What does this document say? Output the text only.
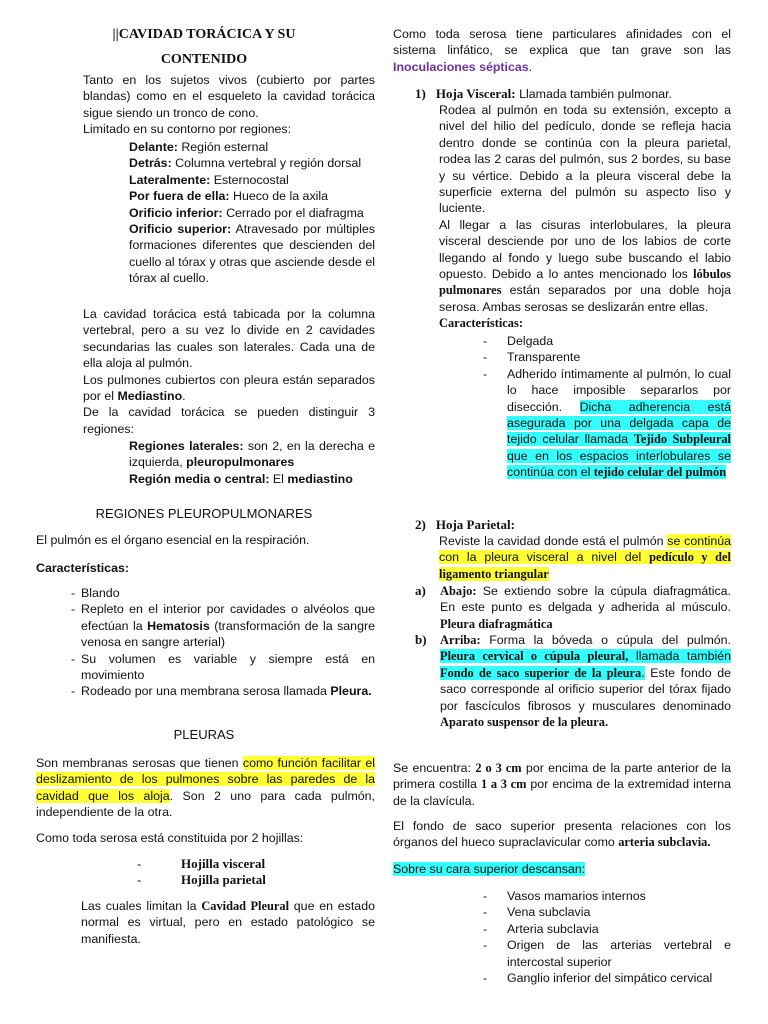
||CAVIDAD TORÁCICA Y SU

CONTENIDO

Tanto en los sujetos vivos (cubierto por partes blandas) como en el esqueleto la cavidad torácica sigue siendo un tronco de cono.

Limitado en su contorno por regiones:

Delante: Región esternal

Detrás: Columna vertebral y región dorsal

Lateralmente: Esternocostal

Por fuera de ella: Hueco de la axila

Orificio inferior: Cerrado por el diafragma

Orificio superior: Atravesado por múltiples formaciones diferentes que descienden del cuello al tórax y otras que asciende desde el tórax al cuello.

La cavidad torácica está tabicada por la columna vertebral, pero a su vez lo divide en 2 cavidades secundarias las cuales son laterales. Cada una de ella aloja al pulmón.

Los pulmones cubiertos con pleura están separados por el Mediastino.

De la cavidad torácica se pueden distinguir 3 regiones:

Regiones laterales: son 2, en la derecha e izquierda, pleuropulmonares

Región media o central: El mediastino

REGIONES PLEUROPULMONARES

El pulmón es el órgano esencial en la respiración.

Características:

- Blando
- Repleto en el interior por cavidades o alvéolos que efectúan la Hematosis (transformación de la sangre venosa en sangre arterial)
- Su volumen es variable y siempre está en movimiento
- Rodeado por una membrana serosa llamada Pleura.

PLEURAS

Son membranas serosas que tienen como función facilitar el deslizamiento de los pulmones sobre las paredes de la cavidad que los aloja. Son 2 uno para cada pulmón, independiente de la otra.

Como toda serosa está constituida por 2 hojillas:

-	Hojilla visceral
-	Hojilla parietal

Las cuales limitan la Cavidad Pleural que en estado normal es virtual, pero en estado patológico se manifiesta.

Como toda serosa tiene particulares afinidades con el sistema linfático, se explica que tan grave son las Inoculaciones sépticas.

1) Hoja Visceral: Llamada también pulmonar.

Rodea al pulmón en toda su extensión, excepto a nivel del hilio del pedículo, donde se refleja hacia dentro donde se continúa con la pleura parietal, rodea las 2 caras del pulmón, sus 2 bordes, su base y su vértice. Debido a la pleura visceral debe la superficie externa del pulmón su aspecto liso y luciente.

Al llegar a las cisuras interlobulares, la pleura visceral desciende por uno de los labios de corte llegando al fondo y luego sube buscando el labio opuesto. Debido a lo antes mencionado los lóbulos pulmonares están separados por una doble hoja serosa. Ambas serosas se deslizarán entre ellas.

Características:

- Delgada
- Transparente
- Adherido íntimamente al pulmón, lo cual lo hace imposible separarlos por disección. Dicha adherencia está asegurada por una delgada capa de tejido celular llamada Tejido Subpleural que en los espacios interlobulares se continúa con el tejido celular del pulmón

2) Hoja Parietal:

Reviste la cavidad donde está el pulmón se continúa con la pleura visceral a nivel del pedículo y del ligamento triangular

a) Abajo: Se extiendo sobre la cúpula diafragmática. En este punto es delgada y adherida al músculo. Pleura diafragmática

b) Arriba: Forma la bóveda o cúpula del pulmón. Pleura cervical o cúpula pleural, llamada también Fondo de saco superior de la pleura. Este fondo de saco corresponde al orificio superior del tórax fijado por fascículos fibrosos y musculares denominado Aparato suspensor de la pleura.

Se encuentra: 2 o 3 cm por encima de la parte anterior de la primera costilla 1 a 3 cm por encima de la extremidad interna de la clavícula.

El fondo de saco superior presenta relaciones con los órganos del hueco supraclavicular como arteria subclavia.

Sobre su cara superior descansan:

- Vasos mamarios internos
- Vena subclavia
- Arteria subclavia
- Origen de las arterias vertebral e intercostal superior
- Ganglio inferior del simpático cervical
